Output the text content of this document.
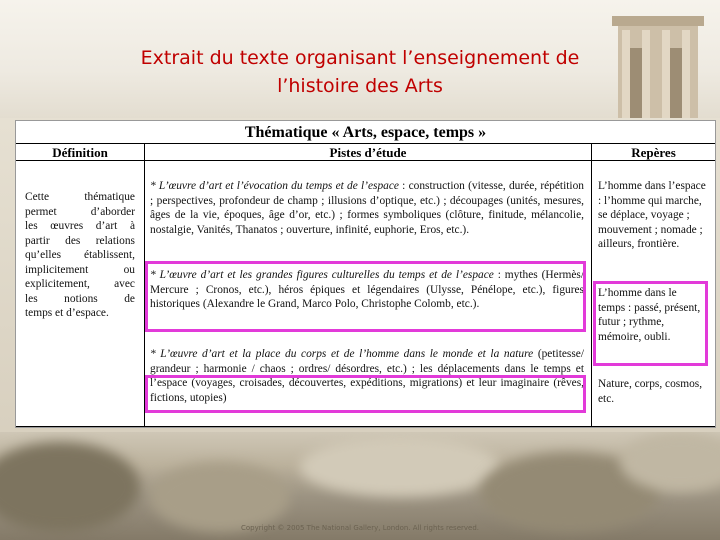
Extrait du texte organisant l’enseignement de
l’histoire des Arts
Thématique « Arts, espace, temps »
Définition	Pistes d’étude	Repères
Cette thématique
permet d’aborder
les œuvres d’art à
partir des relations
qu’elles établissent,
implicitement ou
explicitement, avec
les notions de
temps et d’espace.
* L’œuvre d’art et l’évocation du temps et de l’espace : construction (vitesse, durée, répétition ; perspectives, profondeur de champ ; illusions d’optique, etc.) ; découpages (unités, mesures, âges de la vie, époques, âge d’or, etc.) ; formes symboliques (clôture, finitude, mélancolie, nostalgie, Vanités, Thanatos ; ouverture, infinité, euphorie, Eros, etc.).
* L’œuvre d’art et les grandes figures culturelles du temps et de l’espace : mythes (Hermès/ Mercure ; Cronos, etc.), héros épiques et légendaires (Ulysse, Pénélope, etc.), figures historiques (Alexandre le Grand, Marco Polo, Christophe Colomb, etc.).
* L’œuvre d’art et la place du corps et de l’homme dans le monde et la nature (petitesse/ grandeur ; harmonie / chaos ; ordres/ désordres, etc.) ; les déplacements dans le temps et l’espace (voyages, croisades, découvertes, expéditions, migrations) et leur imaginaire (rêves, fictions, utopies)
L’homme dans l’espace : l’homme qui marche, se déplace, voyage ; mouvement ; nomade ; ailleurs, frontière.
L’homme dans le temps : passé, présent, futur ; rythme, mémoire, oubli.
Nature, corps, cosmos, etc.
Copyright © 2005 The National Gallery, London. All rights reserved.
